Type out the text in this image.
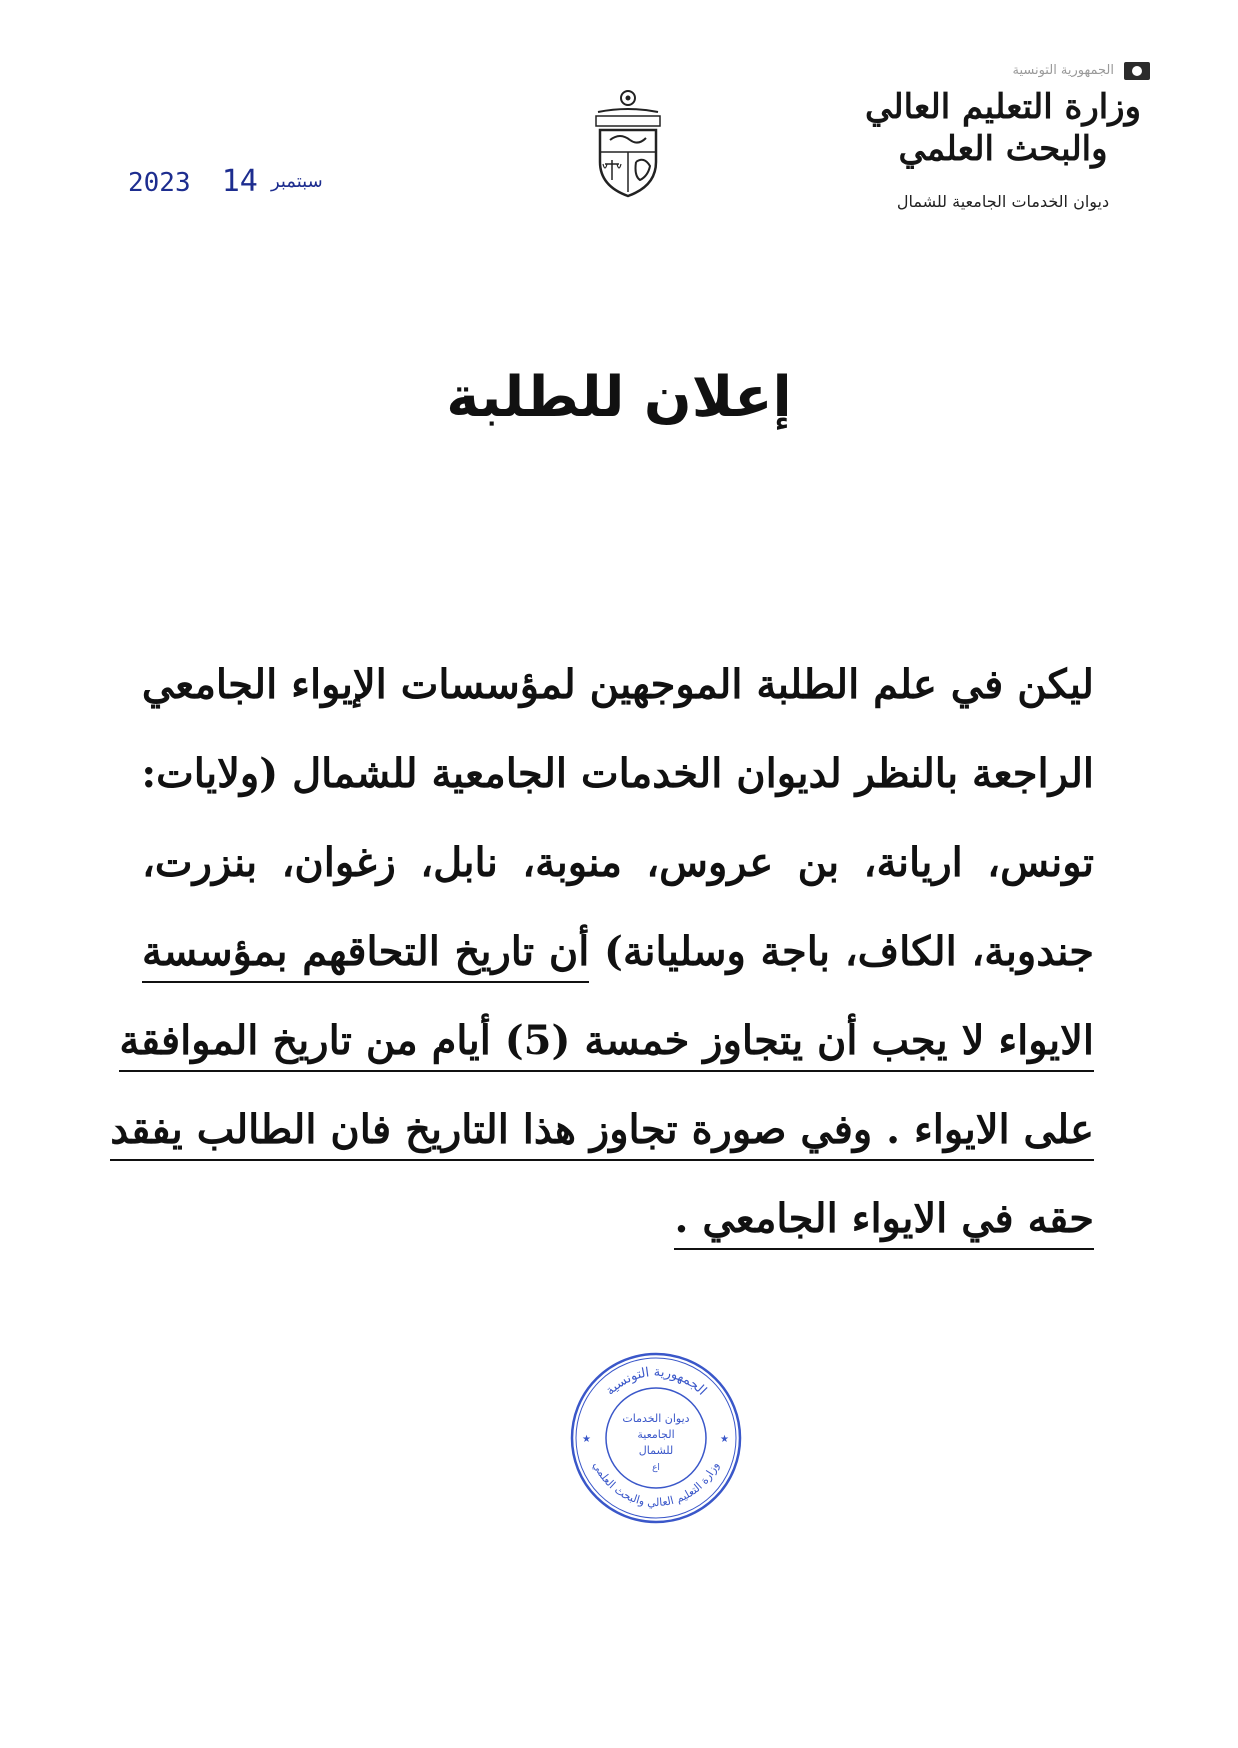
الجمهورية التونسية
وزارة التعليم العالي
والبحث العلمي
ديوان الخدمات الجامعية للشمال
2023	سبتمبر 14
إعلان للطلبة
ليكن في علم الطلبة الموجهين لمؤسسات الإيواء الجامعي
الراجعة بالنظر لديوان الخدمات الجامعية للشمال (ولايات:
تونس، اريانة، بن عروس، منوبة، نابل، زغوان، بنزرت،
جندوبة، الكاف، باجة وسليانة) أن تاريخ التحاقهم بمؤسسة
الايواء لا يجب أن يتجاوز خمسة (5) أيام من تاريخ الموافقة
على الايواء . وفي صورة تجاوز هذا التاريخ فان الطالب يفقد
حقه في الايواء الجامعي .
الجمهورية التونسية
وزارة التعليم العالي والبحث العلمي
★	★
ديوان الخدمات
الجامعية
للشمال
اع
